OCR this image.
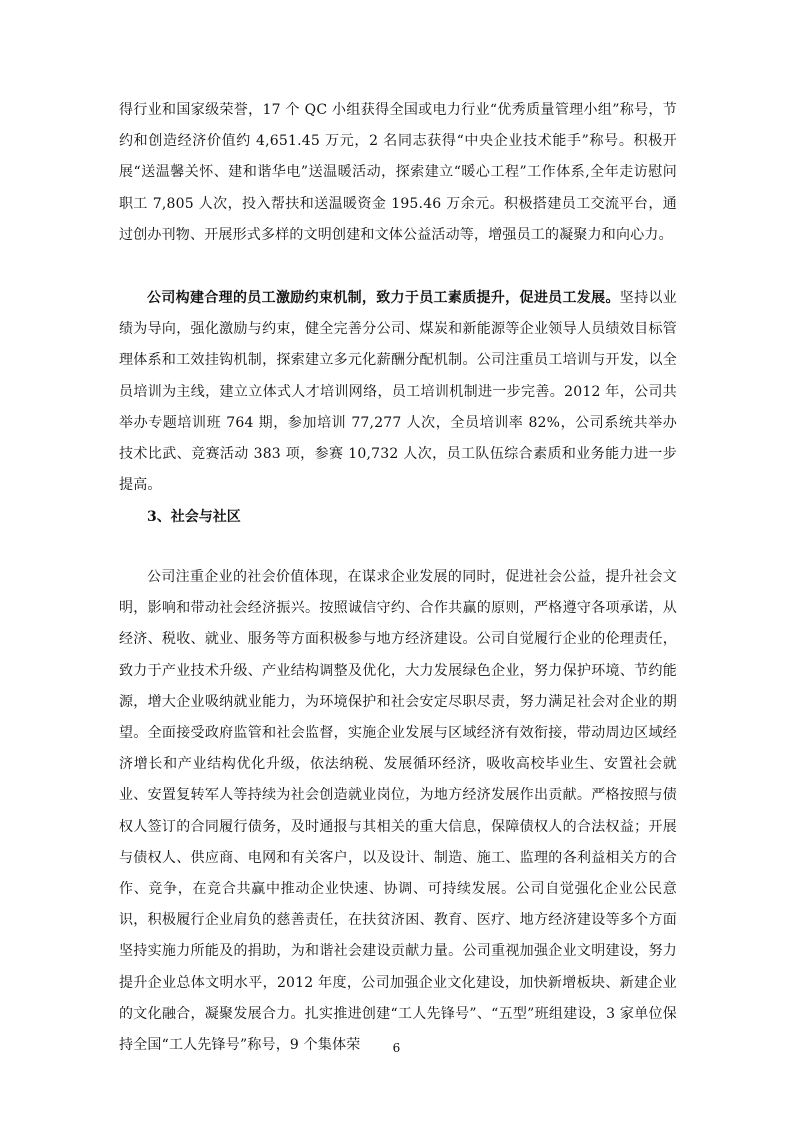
得行业和国家级荣誉，17 个 QC 小组获得全国或电力行业“优秀质量管理小组”称号，节约和创造经济价值约 4,651.45 万元，2 名同志获得“中央企业技术能手”称号。积极开展“送温馨关怀、建和谐华电”送温暖活动，探索建立“暖心工程”工作体系,全年走访慰问职工 7,805 人次，投入帮扶和送温暖资金 195.46 万余元。积极搭建员工交流平台，通过创办刊物、开展形式多样的文明创建和文体公益活动等，增强员工的凝聚力和向心力。
公司构建合理的员工激励约束机制，致力于员工素质提升，促进员工发展。坚持以业绩为导向，强化激励与约束，健全完善分公司、煤炭和新能源等企业领导人员绩效目标管理体系和工效挂钩机制，探索建立多元化薪酬分配机制。公司注重员工培训与开发，以全员培训为主线，建立立体式人才培训网络，员工培训机制进一步完善。2012 年，公司共举办专题培训班 764 期，参加培训 77,277 人次，全员培训率 82%，公司系统共举办技术比武、竞赛活动 383 项，参赛 10,732 人次，员工队伍综合素质和业务能力进一步提高。
3、社会与社区
公司注重企业的社会价值体现，在谋求企业发展的同时，促进社会公益，提升社会文明，影响和带动社会经济振兴。按照诚信守约、合作共赢的原则，严格遵守各项承诺，从经济、税收、就业、服务等方面积极参与地方经济建设。公司自觉履行企业的伦理责任，致力于产业技术升级、产业结构调整及优化，大力发展绿色企业，努力保护环境、节约能源，增大企业吸纳就业能力，为环境保护和社会安定尽职尽责，努力满足社会对企业的期望。全面接受政府监管和社会监督，实施企业发展与区域经济有效衔接，带动周边区域经济增长和产业结构优化升级，依法纳税、发展循环经济，吸收高校毕业生、安置社会就业、安置复转军人等持续为社会创造就业岗位，为地方经济发展作出贡献。严格按照与债权人签订的合同履行债务，及时通报与其相关的重大信息，保障债权人的合法权益；开展与债权人、供应商、电网和有关客户，以及设计、制造、施工、监理的各利益相关方的合作、竞争，在竞合共赢中推动企业快速、协调、可持续发展。公司自觉强化企业公民意识，积极履行企业肩负的慈善责任，在扶贫济困、教育、医疗、地方经济建设等多个方面坚持实施力所能及的捐助，为和谐社会建设贡献力量。公司重视加强企业文明建设，努力提升企业总体文明水平，2012 年度，公司加强企业文化建设，加快新增板块、新建企业的文化融合，凝聚发展合力。扎实推进创建“工人先锋号”、“五型”班组建设，3 家单位保持全国“工人先锋号”称号，9 个集体荣	6
